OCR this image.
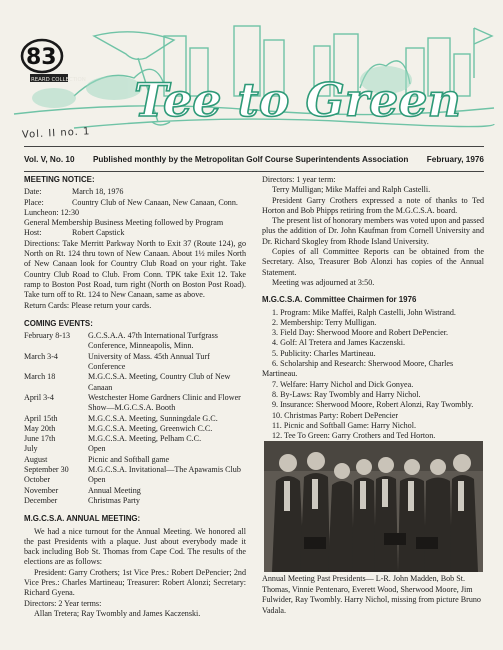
Tee to Green
83
REARD COLLECTION
Vol. II no. 1
Vol. V, No. 10 Published monthly by the Metropolitan Golf Course Superintendents Association February, 1976
MEETING NOTICE:
Date:	March 18, 1976
Place:	Country Club of New Canaan, New Canaan, Conn.

Luncheon: 12:30

General Membership Business Meeting followed by Program

Host:	Robert Capstick

Directions: Take Merritt Parkway North to Exit 37 (Route 124), go North on Rt. 124 thru town of New Canaan. About 1½ miles North of New Canaan look for Country Club Road on your right. Take Country Club Road to Club. From Conn. TPK take Exit 12. Take ramp to Boston Post Road, turn right (North on Boston Post Road). Take turn off to Rt. 124 to New Canaan, same as above.

Return Cards: Please return your cards.

COMING EVENTS:
February 8-13	G.C.S.A.A. 47th International Turfgrass Conference, Minneapolis, Minn.
March 3-4	University of Mass. 45th Annual Turf Conference
March 18	M.G.C.S.A. Meeting, Country Club of New Canaan
April 3-4	Westchester Home Gardners Clinic and Flower Show—M.G.C.S.A. Booth
April 15th	M.G.C.S.A. Meeting, Sunningdale G.C.
May 20th	M.G.C.S.A. Meeting, Greenwich C.C.
June 17th	M.G.C.S.A. Meeting, Pelham C.C.
July	Open
August	Picnic and Softball game
September 30	M.G.C.S.A. Invitational—The Apawamis Club
October	Open
November	Annual Meeting
December	Christmas Party
M.G.C.S.A. ANNUAL MEETING:

We had a nice turnout for the Annual Meeting. We honored all the past Presidents with a plaque. Just about everybody made it back including Bob St. Thomas from Cape Cod. The results of the elections are as follows:

President: Garry Crothers; 1st Vice Pres.: Robert DePencier; 2nd Vice Pres.: Charles Martineau; Treasurer: Robert Alonzi; Secretary: Richard Gyena.

Directors: 2 Year terms:

Allan Tretera; Ray Twombly and James Kaczenski.

Directors: 1 year term:

Terry Mulligan; Mike Maffei and Ralph Castelli.

President Garry Crothers expressed a note of thanks to Ted Horton and Bob Phipps retiring from the M.G.C.S.A. board.

The present list of honorary members was voted upon and passed plus the addition of Dr. John Kaufman from Cornell University and Dr. Richard Skogley from Rhode Island University.

Copies of all Committee Reports can be obtained from the Secretary. Also, Treasurer Bob Alonzi has copies of the Annual Statement.

Meeting was adjourned at 3:50.

M.G.C.S.A. Committee Chairmen for 1976

1. Program: Mike Maffei, Ralph Castelli, John Wistrand.

2. Membership: Terry Mulligan.

3. Field Day: Sherwood Moore and Robert DePencier.

4. Golf: Al Tretera and James Kaczenski.

5. Publicity: Charles Martineau.

6. Scholarship and Research: Sherwood Moore, Charles Martineau.

7. Welfare: Harry Nichol and Dick Gonyea.

8. By-Laws: Ray Twombly and Harry Nichol.

9. Insurance: Sherwood Moore, Robert Alonzi, Ray Twombly.

10. Christmas Party: Robert DePencier

11. Picnic and Softball Game: Harry Nichol.

12. Tee To Green: Garry Crothers and Ted Horton.

Annual Meeting Past Presidents— L-R. John Madden, Bob St. Thomas, Vinnie Pentenaro, Everett Wood, Sherwood Moore, Jim Fulwider, Ray Twombly. Harry Nichol, missing from picture Bruno Vadala.
